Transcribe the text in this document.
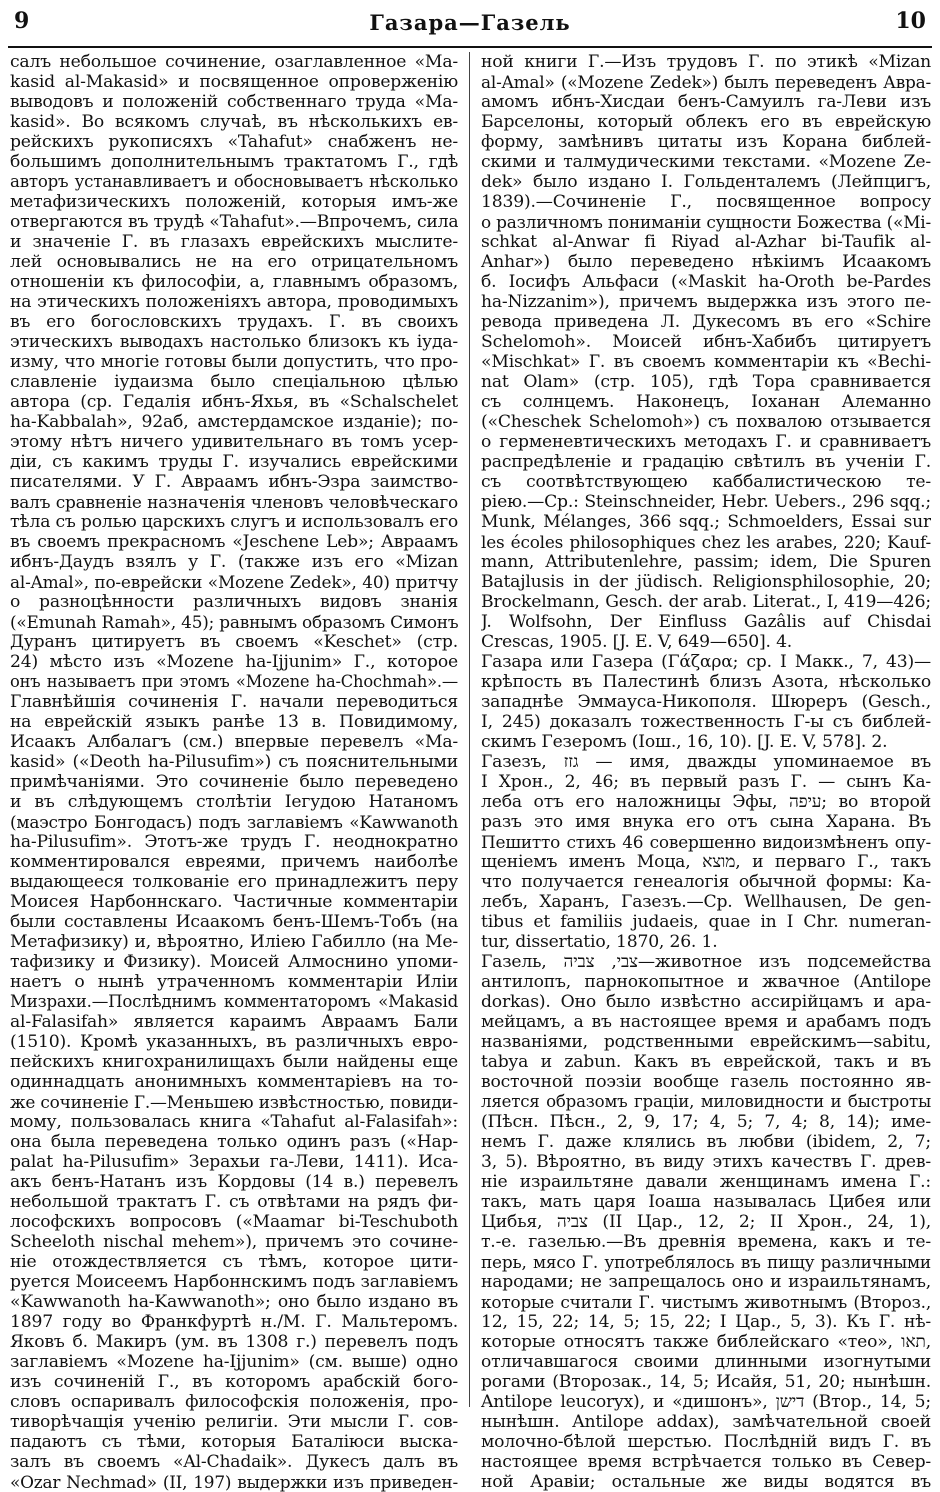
9	Газара—Газель	10
салъ небольшое сочинение, озаглавленное «Ma-
kasid al-Makasid» и посвященное опроверженію
выводовъ и положеній собственнаго труда «Ma-
kasid». Во всякомъ случаѣ, въ нѣсколькихъ ев-
рейскихъ рукописяхъ «Tahafut» снабженъ не-
большимъ дополнительнымъ трактатомъ Г., гдѣ
авторъ устанавливаетъ и обосновываетъ нѣсколько
метафизическихъ положеній, которыя имъ-же
отвергаются въ трудѣ «Tahafut».—Впрочемъ, сила
и значеніе Г. въ глазахъ еврейскихъ мыслите-
лей основывались не на его отрицательномъ
отношеніи къ философіи, а, главнымъ образомъ,
на этическихъ положеніяхъ автора, проводимыхъ
въ его богословскихъ трудахъ. Г. въ своихъ
этическихъ выводахъ настолько близокъ къ іуда-
изму, что многіе готовы были допустить, что про-
славленіе іудаизма было спеціальною цѣлью
автора (ср. Гедалія ибнъ-Яхья, въ «Schalschelet
ha-Kabbalah», 92аб, амстердамское изданіе); по-
этому нѣтъ ничего удивительнаго въ томъ усер-
діи, съ какимъ труды Г. изучались еврейскими
писателями. У Г. Авраамъ ибнъ-Эзра заимство-
валъ сравненіе назначенія членовъ человѣческаго
тѣла съ ролью царскихъ слугъ и использовалъ его
въ своемъ прекрасномъ «Jeschene Leb»; Авраамъ
ибнъ-Даудъ взялъ у Г. (также изъ его «Mizan
al-Amal», по-еврейски «Mozene Zedek», 40) притчу
о разноцѣнности различныхъ видовъ знанія
(«Emunah Ramah», 45); равнымъ образомъ Симонъ
Дуранъ цитируетъ въ своемъ «Keschet» (стр.
24) мѣсто изъ «Mozene ha-Ijjunim» Г., которое
онъ называетъ при этомъ «Mozene ha-Chochmah».—
Главнѣйшія сочиненія Г. начали переводиться
на еврейскій языкъ ранѣе 13 в. Повидимому,
Исаакъ Албалагъ (см.) впервые перевелъ «Ma-
kasid» («Deoth ha-Pilusufim») съ пояснительными
примѣчаніями. Это сочиненіе было переведено
и въ слѣдующемъ столѣтіи Іегудою Натаномъ
(маэстро Бонгодасъ) подъ заглавіемъ «Kawwanoth
ha-Pilusufim». Этотъ-же трудъ Г. неоднократно
комментировался евреями, причемъ наиболѣе
выдающееся толкованіе его принадлежитъ перу
Моисея Нарбоннскаго. Частичные комментаріи
были составлены Исаакомъ бенъ-Шемъ-Тобъ (на
Метафизику) и, вѣроятно, Иліею Габилло (на Ме-
тафизику и Физику). Моисей Алмоснино упоми-
наетъ о нынѣ утраченномъ комментаріи Иліи
Мизрахи.—Послѣднимъ комментаторомъ «Makasid
al-Falasifah» является караимъ Авраамъ Бали
(1510). Кромѣ указанныхъ, въ различныхъ евро-
пейскихъ книгохранилищахъ были найдены еще
одиннадцать анонимныхъ комментаріевъ на то-
же сочиненіе Г.—Меньшею извѣстностью, повиди-
мому, пользовалась книга «Tahafut al-Falasifah»:
она была переведена только одинъ разъ («Hap-
palat ha-Pilusufim» Зерахьи га-Леви, 1411). Иса-
акъ бенъ-Натанъ изъ Кордовы (14 в.) перевелъ
небольшой трактатъ Г. съ отвѣтами на рядъ фи-
лософскихъ вопросовъ («Maamar bi-Teschuboth
Scheeloth nischal mehem»), причемъ это сочине-
ніе отождествляется съ тѣмъ, которое цити-
руется Моисеемъ Нарбоннскимъ подъ заглавіемъ
«Kawwanoth ha-Kawwanoth»; оно было издано въ
1897 году во Франкфуртѣ н./М. Г. Мальтеромъ.
Яковъ б. Макиръ (ум. въ 1308 г.) перевелъ подъ
заглавіемъ «Mozene ha-Ijjunim» (см. выше) одно
изъ сочиненій Г., въ которомъ арабскій бого-
словъ оспаривалъ философскія положенія, про-
тиворѣчащія ученію религіи. Эти мысли Г. сов-
падаютъ съ тѣми, которыя Баталіюси выска-
залъ въ своемъ «Al-Chadaik». Дукесъ далъ въ
«Ozar Nechmad» (II, 197) выдержки изъ приведен-
ной книги Г.—Изъ трудовъ Г. по этикѣ «Mizan
al-Amal» («Mozene Zedek») былъ переведенъ Авра-
амомъ ибнъ-Хисдаи бенъ-Самуилъ га-Леви изъ
Барселоны, который облекъ его въ еврейскую
форму, замѣнивъ цитаты изъ Корана библей-
скими и талмудическими текстами. «Mozene Ze-
dek» было издано І. Гольденталемъ (Лейпцигъ,
1839).—Сочиненіе Г., посвященное вопросу
о различномъ пониманіи сущности Божества («Mi-
schkat al-Anwar fi Riyad al-Azhar bi-Taufik al-
Anhar») было переведено нѣкіимъ Исаакомъ
б. Іосифъ Альфаси («Maskit ha-Oroth be-Pardes
ha-Nizzanim»), причемъ выдержка изъ этого пе-
ревода приведена Л. Дукесомъ въ его «Schire
Schelomoh». Моисей ибнъ-Хабибъ цитируетъ
«Mischkat» Г. въ своемъ комментаріи къ «Bechi-
nat Olam» (стр. 105), гдѣ Тора сравнивается
съ солнцемъ. Наконецъ, Іоханан Алеманно
(«Cheschek Schelomoh») съ похвалою отзывается
о герменевтическихъ методахъ Г. и сравниваетъ
распредѣленіе и градацію свѣтилъ въ ученіи Г.
съ соотвѣтствующею каббалистическою те-
ріею.—Ср.: Steinschneider, Hebr. Uebers., 296 sqq.;
Munk, Mélanges, 366 sqq.; Schmoelders, Essai sur
les écoles philosophiques chez les arabes, 220; Kauf-
mann, Attributenlehre, passim; idem, Die Spuren
Batajlusis in der jüdisch. Religionsphilosophie, 20;
Brockelmann, Gesch. der arab. Literat., I, 419—426;
J. Wolfsohn, Der Einfluss Gazâlis auf Chisdai
Crescas, 1905. [J. E. V, 649—650]. 4.
Газара или Газера (Γάζαρα; ср. I Макк., 7, 43)—
крѣпость въ Палестинѣ близъ Азота, нѣсколько
западнѣе Эммауса-Никополя. Шюреръ (Gesch.,
I, 245) доказалъ тожественность Г-ы съ библей-
скимъ Гезеромъ (Іош., 16, 10). [J. E. V, 578]. 2.
Газезъ, גזז — имя, дважды упоминаемое въ
I Хрон., 2, 46; въ первый разъ Г. — сынъ Ка-
леба отъ его наложницы Эфы, עיפה; во второй
разъ это имя внука его отъ сына Харана. Въ
Пешитто стихъ 46 совершенно видоизмѣненъ опу-
щеніемъ именъ Моца, מוצא, и перваго Г., такъ
что получается генеалогія обычной формы: Ка-
лебъ, Харанъ, Газезъ.—Ср. Wellhausen, De gen-
tibus et familiis judaeis, quae in I Chr. numeran-
tur, dissertatio, 1870, 26. 1.
Газель, צבי, צביה—животное изъ подсемейства
антилопъ, парнокопытное и жвачное (Antilope
dorkas). Оно было извѣстно ассирійцамъ и ара-
мейцамъ, а въ настоящее время и арабамъ подъ
названіями, родственными еврейскимъ—sabitu,
tabya и zabun. Какъ въ еврейской, такъ и въ
восточной поэзіи вообще газель постоянно яв-
ляется образомъ граціи, миловидности и быстроты
(Пѣсн. Пѣсн., 2, 9, 17; 4, 5; 7, 4; 8, 14); име-
немъ Г. даже клялись въ любви (ibidem, 2, 7;
3, 5). Вѣроятно, въ виду этихъ качествъ Г. древ-
ніе израильтяне давали женщинамъ имена Г.:
такъ, мать царя Іоаша называлась Цибея или
Цибья, צביה (II Цар., 12, 2; II Хрон., 24, 1),
т.-е. газелью.—Въ древнія времена, какъ и те-
перь, мясо Г. употреблялось въ пищу различными
народами; не запрещалось оно и израильтянамъ,
которые считали Г. чистымъ животнымъ (Второз.,
12, 15, 22; 14, 5; 15, 22; I Цар., 5, 3). Къ Г. нѣ-
которые относятъ также библейскаго «тео», תאו,
отличавшагося своими длинными изогнутыми
рогами (Второзак., 14, 5; Исайя, 51, 20; нынѣшн.
Antilope leucoryx), и «дишонъ», דישן (Втор., 14, 5;
нынѣшн. Antilope addax), замѣчательной своей
молочно-бѣлой шерстью. Послѣдній видъ Г. въ
настоящее время встрѣчается только въ Север-
ной Аравіи; остальные же виды водятся въ
